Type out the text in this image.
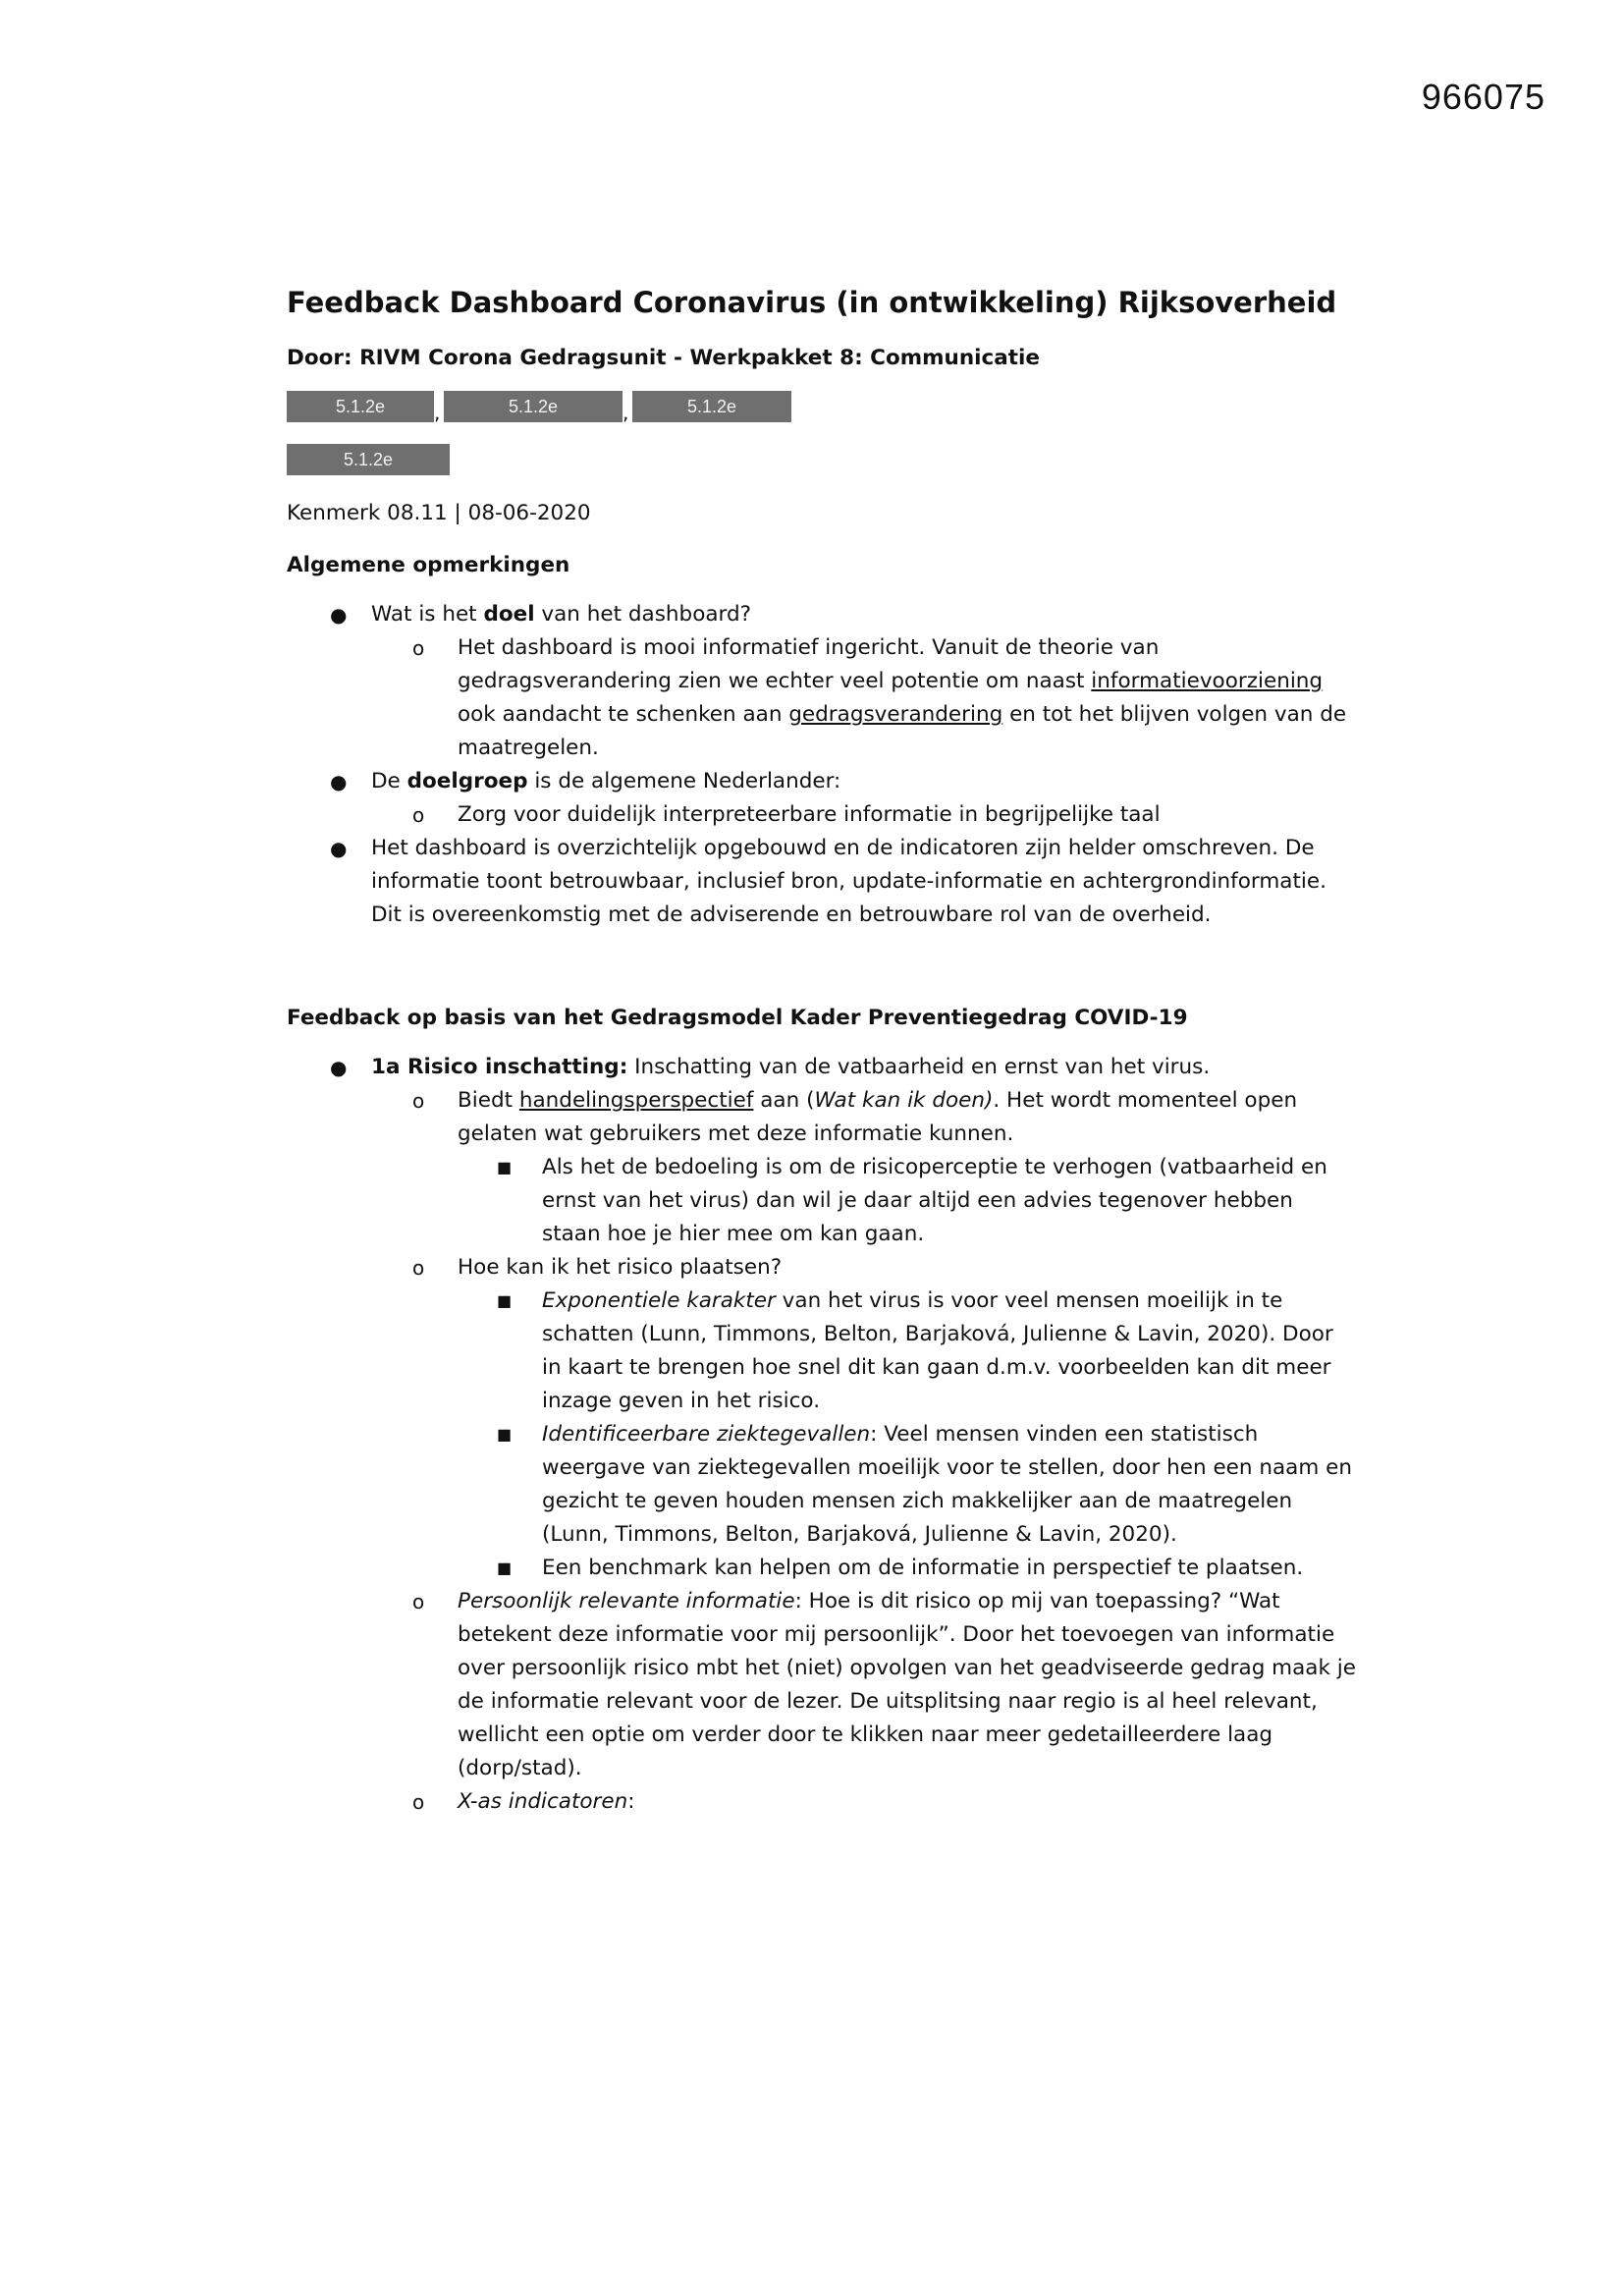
966075
Feedback Dashboard Coronavirus (in ontwikkeling) Rijksoverheid
Door: RIVM Corona Gedragsunit - Werkpakket 8: Communicatie
5.1.2e	,	5.1.2e	,	5.1.2e
5.1.2e
Kenmerk 08.11 | 08-06-2020
Algemene opmerkingen
● Wat is het doel van het dashboard?
o Het dashboard is mooi informatief ingericht. Vanuit de theorie van gedragsverandering zien we echter veel potentie om naast informatievoorziening ook aandacht te schenken aan gedragsverandering en tot het blijven volgen van de maatregelen.
● De doelgroep is de algemene Nederlander:
o Zorg voor duidelijk interpreteerbare informatie in begrijpelijke taal
● Het dashboard is overzichtelijk opgebouwd en de indicatoren zijn helder omschreven. De informatie toont betrouwbaar, inclusief bron, update-informatie en achtergrondinformatie. Dit is overeenkomstig met de adviserende en betrouwbare rol van de overheid.
Feedback op basis van het Gedragsmodel Kader Preventiegedrag COVID-19
● 1a Risico inschatting: Inschatting van de vatbaarheid en ernst van het virus.
o Biedt handelingsperspectief aan (Wat kan ik doen). Het wordt momenteel open gelaten wat gebruikers met deze informatie kunnen.
■ Als het de bedoeling is om de risicoperceptie te verhogen (vatbaarheid en ernst van het virus) dan wil je daar altijd een advies tegenover hebben staan hoe je hier mee om kan gaan.
o Hoe kan ik het risico plaatsen?
■ Exponentiele karakter van het virus is voor veel mensen moeilijk in te schatten (Lunn, Timmons, Belton, Barjaková, Julienne & Lavin, 2020). Door in kaart te brengen hoe snel dit kan gaan d.m.v. voorbeelden kan dit meer inzage geven in het risico.
■ Identificeerbare ziektegevallen: Veel mensen vinden een statistisch weergave van ziektegevallen moeilijk voor te stellen, door hen een naam en gezicht te geven houden mensen zich makkelijker aan de maatregelen (Lunn, Timmons, Belton, Barjaková, Julienne & Lavin, 2020).
■ Een benchmark kan helpen om de informatie in perspectief te plaatsen.
o Persoonlijk relevante informatie: Hoe is dit risico op mij van toepassing? “Wat betekent deze informatie voor mij persoonlijk”. Door het toevoegen van informatie over persoonlijk risico mbt het (niet) opvolgen van het geadviseerde gedrag maak je de informatie relevant voor de lezer. De uitsplitsing naar regio is al heel relevant, wellicht een optie om verder door te klikken naar meer gedetailleerdere laag (dorp/stad).
o X-as indicatoren:
